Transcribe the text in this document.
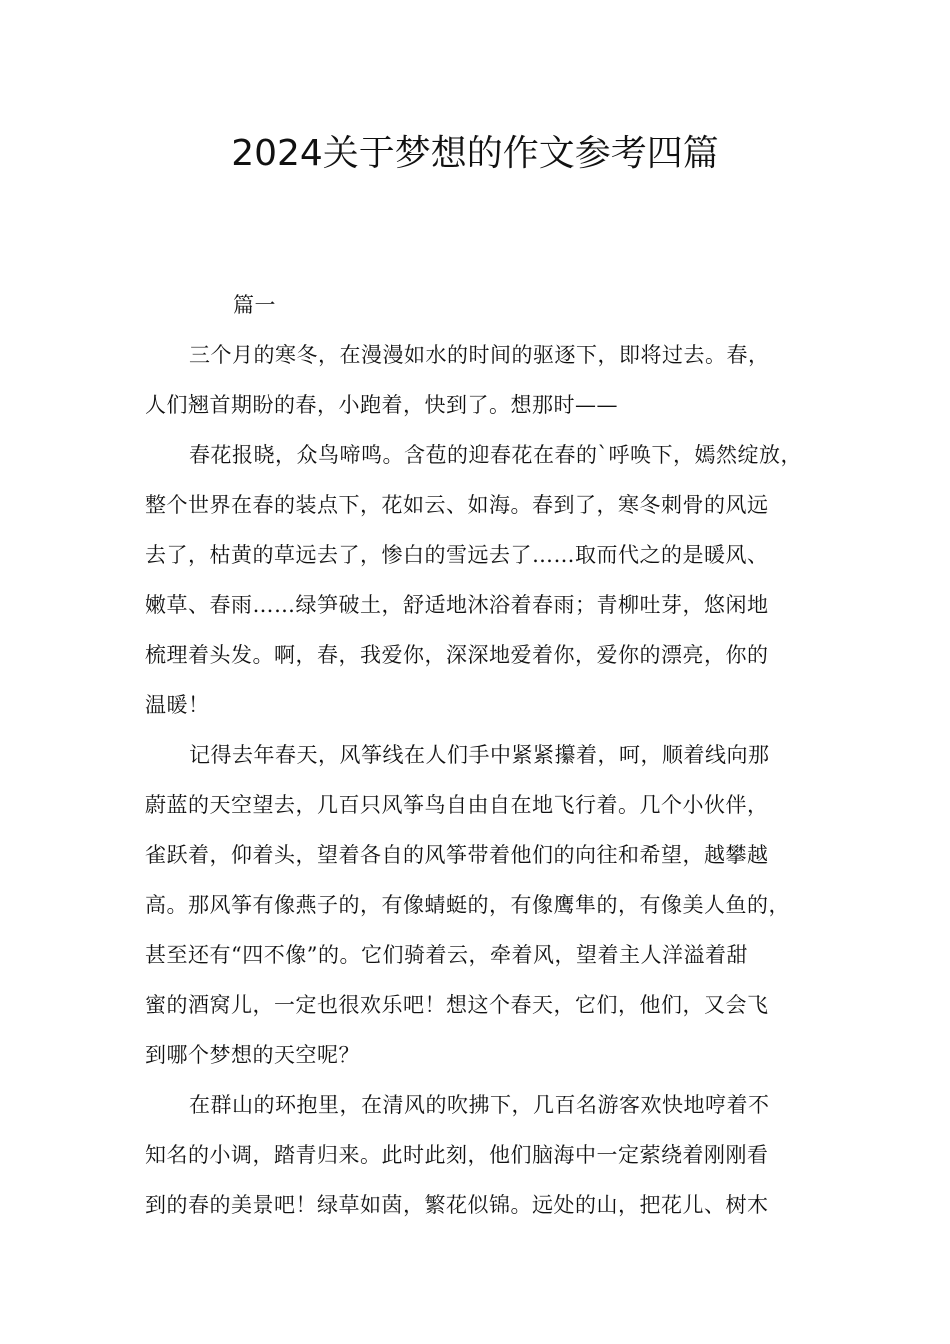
2024关于梦想的作文参考四篇
篇一
三个月的寒冬，在漫漫如水的时间的驱逐下，即将过去。春，
人们翘首期盼的春，小跑着，快到了。想那时——
春花报晓，众鸟啼鸣。含苞的迎春花在春的`呼唤下，嫣然绽放，
整个世界在春的装点下，花如云、如海。春到了，寒冬刺骨的风远
去了，枯黄的草远去了，惨白的雪远去了……取而代之的是暖风、
嫩草、春雨……绿笋破土，舒适地沐浴着春雨；青柳吐芽，悠闲地
梳理着头发。啊，春，我爱你，深深地爱着你，爱你的漂亮，你的
温暖！
记得去年春天，风筝线在人们手中紧紧攥着，呵，顺着线向那
蔚蓝的天空望去，几百只风筝鸟自由自在地飞行着。几个小伙伴，
雀跃着，仰着头，望着各自的风筝带着他们的向往和希望，越攀越
高。那风筝有像燕子的，有像蜻蜓的，有像鹰隼的，有像美人鱼的，
甚至还有“四不像”的。它们骑着云，牵着风，望着主人洋溢着甜
蜜的酒窝儿，一定也很欢乐吧！想这个春天，它们，他们，又会飞
到哪个梦想的天空呢？
在群山的环抱里，在清风的吹拂下，几百名游客欢快地哼着不
知名的小调，踏青归来。此时此刻，他们脑海中一定萦绕着刚刚看
到的春的美景吧！绿草如茵，繁花似锦。远处的山，把花儿、树木
